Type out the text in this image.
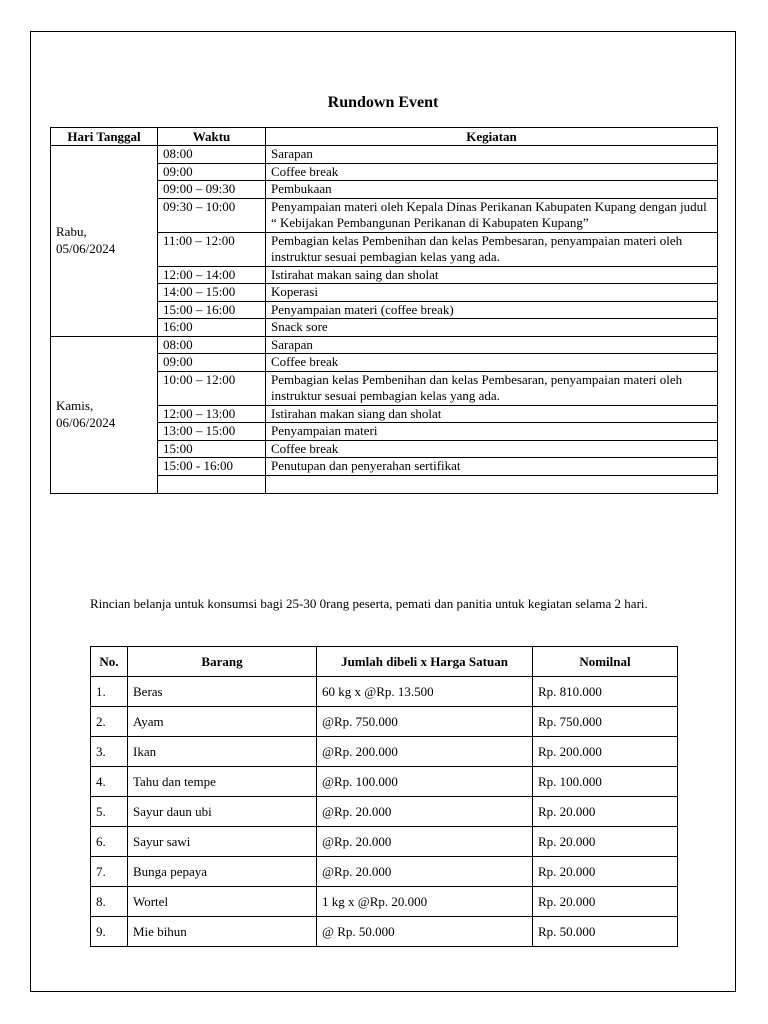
Rundown Event
Hari Tanggal	Waktu	Kegiatan
Rabu,
05/06/2024	08:00	Sarapan
	09:00	Coffee break
	09:00 – 09:30	Pembukaan
	09:30 – 10:00	Penyampaian materi oleh Kepala Dinas Perikanan Kabupaten Kupang dengan judul “ Kebijakan Pembangunan Perikanan di Kabupaten Kupang”
	11:00 – 12:00	Pembagian kelas Pembenihan dan kelas Pembesaran, penyampaian materi oleh instruktur sesuai pembagian kelas yang ada.
	12:00 – 14:00	Istirahat makan saing dan sholat
	14:00 – 15:00	Koperasi
	15:00 – 16:00	Penyampaian materi (coffee break)
	16:00	Snack sore
Kamis,
06/06/2024	08:00	Sarapan
	09:00	Coffee break
	10:00 – 12:00	Pembagian kelas Pembenihan dan kelas Pembesaran, penyampaian materi oleh instruktur sesuai pembagian kelas yang ada.
	12:00 – 13:00	Istirahan makan siang dan sholat
	13:00 – 15:00	Penyampaian materi
	15:00	Coffee break
	15:00 - 16:00	Penutupan dan penyerahan sertifikat

Rincian belanja untuk konsumsi bagi 25-30 0rang peserta, pemati dan panitia untuk kegiatan selama 2 hari.
No.	Barang	Jumlah dibeli x Harga Satuan	Nomilnal
1.	Beras	60 kg x @Rp. 13.500	Rp. 810.000
2.	Ayam	@Rp. 750.000	Rp. 750.000
3.	Ikan	@Rp. 200.000	Rp. 200.000
4.	Tahu dan tempe	@Rp. 100.000	Rp. 100.000
5.	Sayur daun ubi	@Rp. 20.000	Rp. 20.000
6.	Sayur sawi	@Rp. 20.000	Rp. 20.000
7.	Bunga pepaya	@Rp. 20.000	Rp. 20.000
8.	Wortel	1 kg x @Rp. 20.000	Rp. 20.000
9.	Mie bihun	@ Rp. 50.000	Rp. 50.000
